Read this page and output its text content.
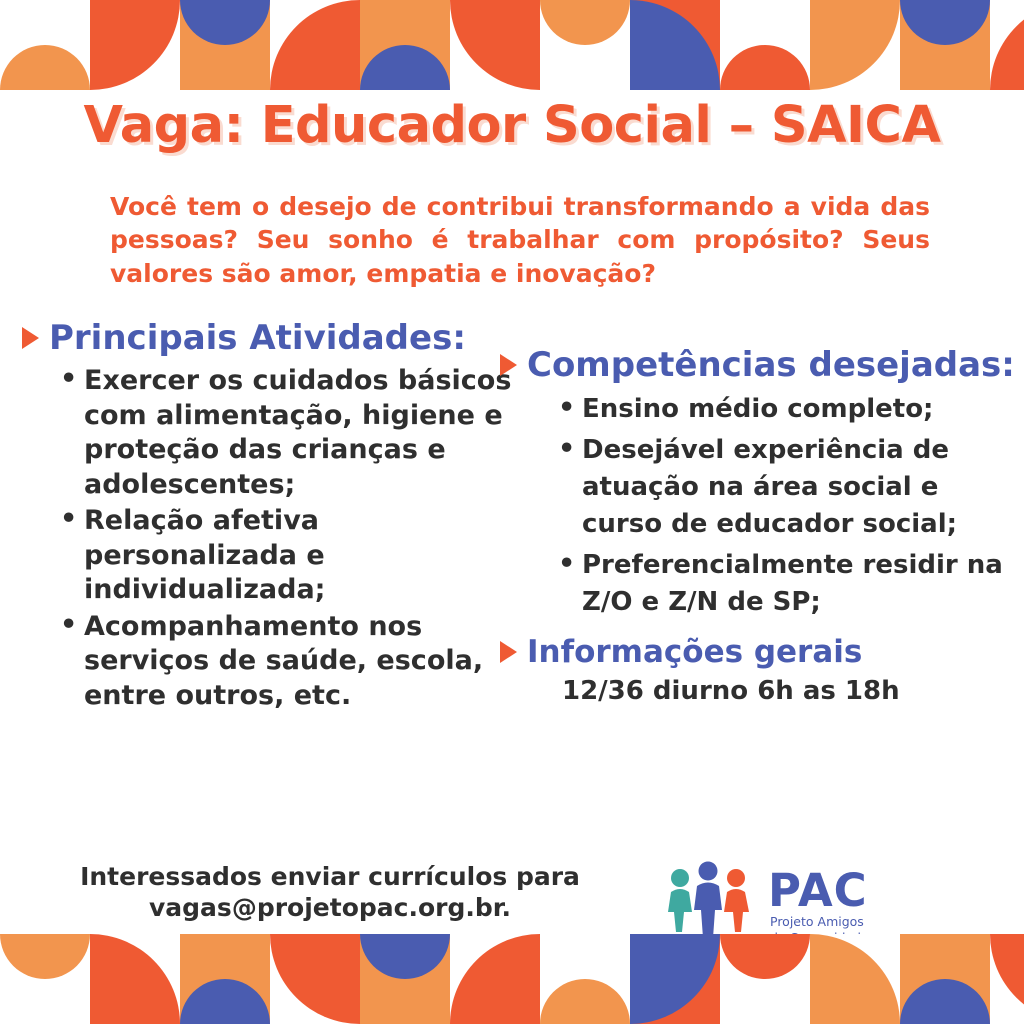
Vaga: Educador Social – SAICA
Você tem o desejo de contribui transformando a vida das pessoas? Seu sonho é trabalhar com propósito? Seus valores são amor, empatia e inovação?
Principais Atividades:
• Exercer os cuidados básicos com alimentação, higiene e proteção das crianças e adolescentes;
• Relação afetiva personalizada e individualizada;
• Acompanhamento nos serviços de saúde, escola, entre outros, etc.
Competências desejadas:
• Ensino médio completo;
• Desejável experiência de atuação na área social e curso de educador social;
• Preferencialmente residir na Z/O e Z/N de SP;
Informações gerais
12/36 diurno 6h as 18h
Interessados enviar currículos para
vagas@projetopac.org.br.	PAC
Projeto Amigos
